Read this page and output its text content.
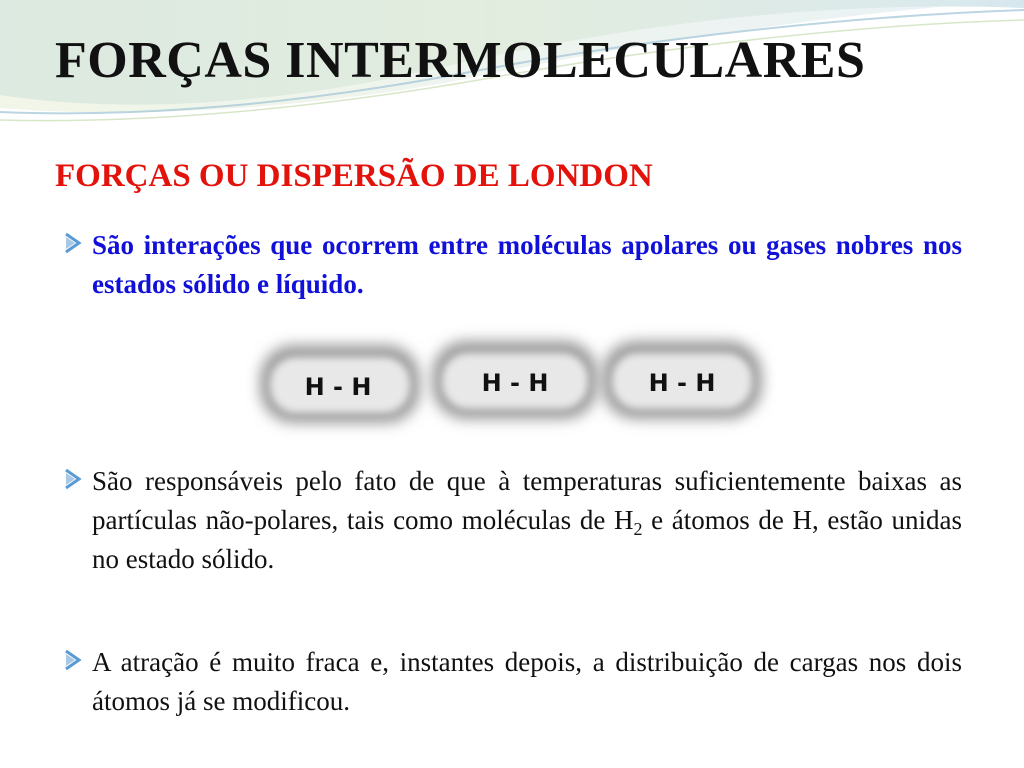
FORÇAS INTERMOLECULARES
FORÇAS OU DISPERSÃO DE LONDON
São interações que ocorrem entre moléculas apolares ou gases nobres nos estados sólido e líquido.
H - H	H - H	H - H
São responsáveis pelo fato de que à temperaturas suficientemente baixas as partículas não-polares, tais como moléculas de $H_2$ e átomos de H, estão unidas no estado sólido.
A atração é muito fraca e, instantes depois, a distribuição de cargas nos dois átomos já se modificou.
